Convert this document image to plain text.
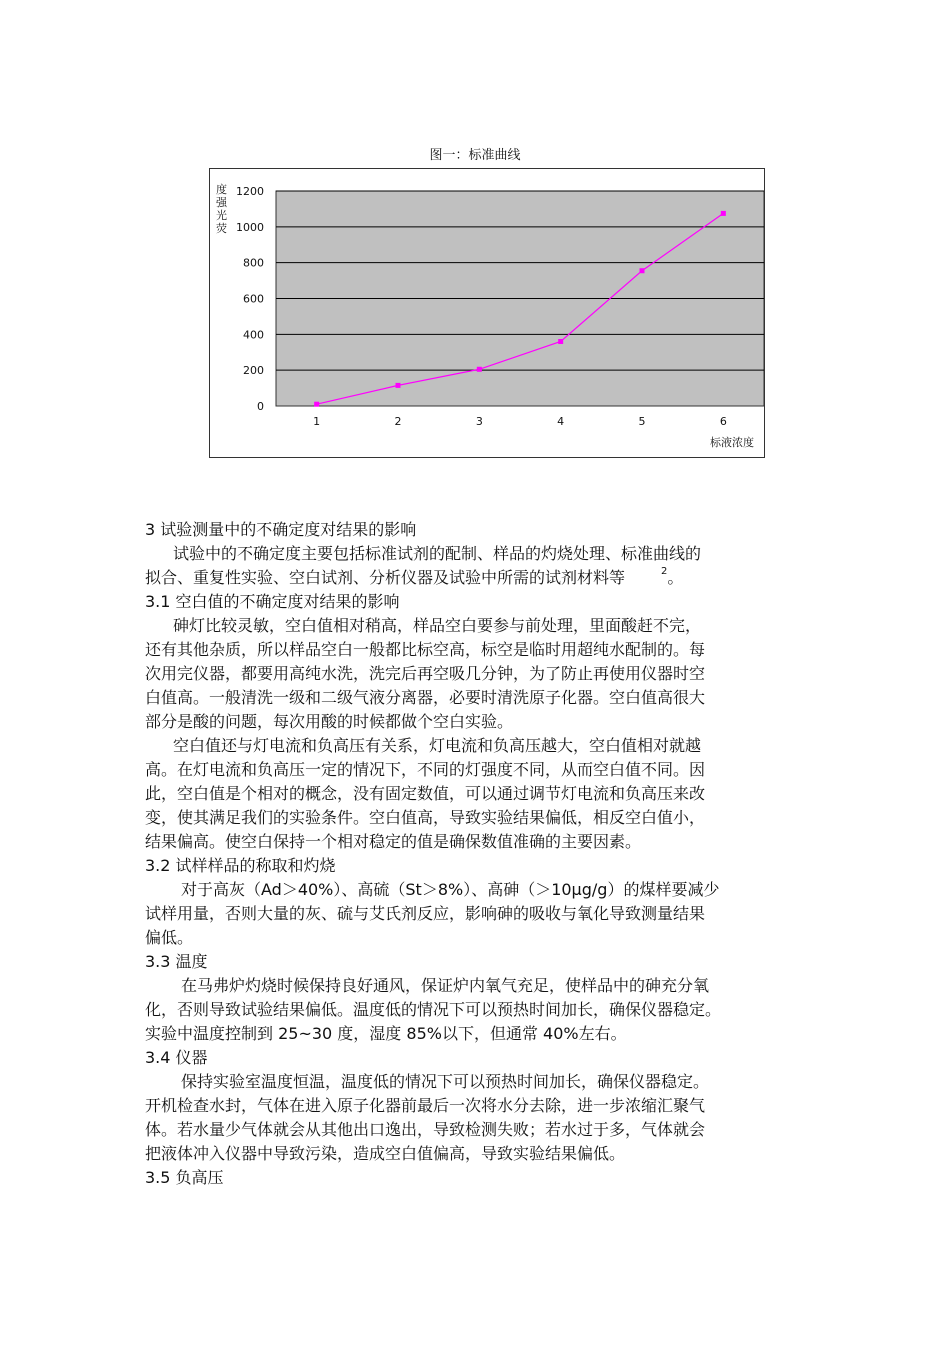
图一：标准曲线
度
强
光
荧
0
200
400
600
800
1000
1200
1	2	3	4	5	6
标液浓度
3 试验测量中的不确定度对结果的影响
试验中的不确定度主要包括标准试剂的配制、样品的灼烧处理、标准曲线的
拟合、重复性实验、空白试剂、分析仪器及试验中所需的试剂材料等	$^2$。
3.1 空白值的不确定度对结果的影响
砷灯比较灵敏，空白值相对稍高，样品空白要参与前处理，里面酸赶不完，
还有其他杂质，所以样品空白一般都比标空高，标空是临时用超纯水配制的。每
次用完仪器，都要用高纯水洗，洗完后再空吸几分钟，为了防止再使用仪器时空
白值高。一般清洗一级和二级气液分离器，必要时清洗原子化器。空白值高很大
部分是酸的问题，每次用酸的时候都做个空白实验。
空白值还与灯电流和负高压有关系，灯电流和负高压越大，空白值相对就越
高。在灯电流和负高压一定的情况下，不同的灯强度不同，从而空白值不同。因
此，空白值是个相对的概念，没有固定数值，可以通过调节灯电流和负高压来改
变，使其满足我们的实验条件。空白值高，导致实验结果偏低，相反空白值小，
结果偏高。使空白保持一个相对稳定的值是确保数值准确的主要因素。
3.2 试样样品的称取和灼烧
对于高灰（Ad＞40%）、高硫（St＞8%）、高砷（＞10μg/g）的煤样要减少
试样用量，否则大量的灰、硫与艾氏剂反应，影响砷的吸收与氧化导致测量结果
偏低。
3.3 温度
在马弗炉灼烧时候保持良好通风，保证炉内氧气充足，使样品中的砷充分氧
化，否则导致试验结果偏低。温度低的情况下可以预热时间加长，确保仪器稳定。
实验中温度控制到 25~30 度，湿度 85%以下，但通常 40%左右。
3.4 仪器
保持实验室温度恒温，温度低的情况下可以预热时间加长，确保仪器稳定。
开机检查水封，气体在进入原子化器前最后一次将水分去除，进一步浓缩汇聚气
体。若水量少气体就会从其他出口逸出，导致检测失败；若水过于多，气体就会
把液体冲入仪器中导致污染，造成空白值偏高，导致实验结果偏低。
3.5 负高压
